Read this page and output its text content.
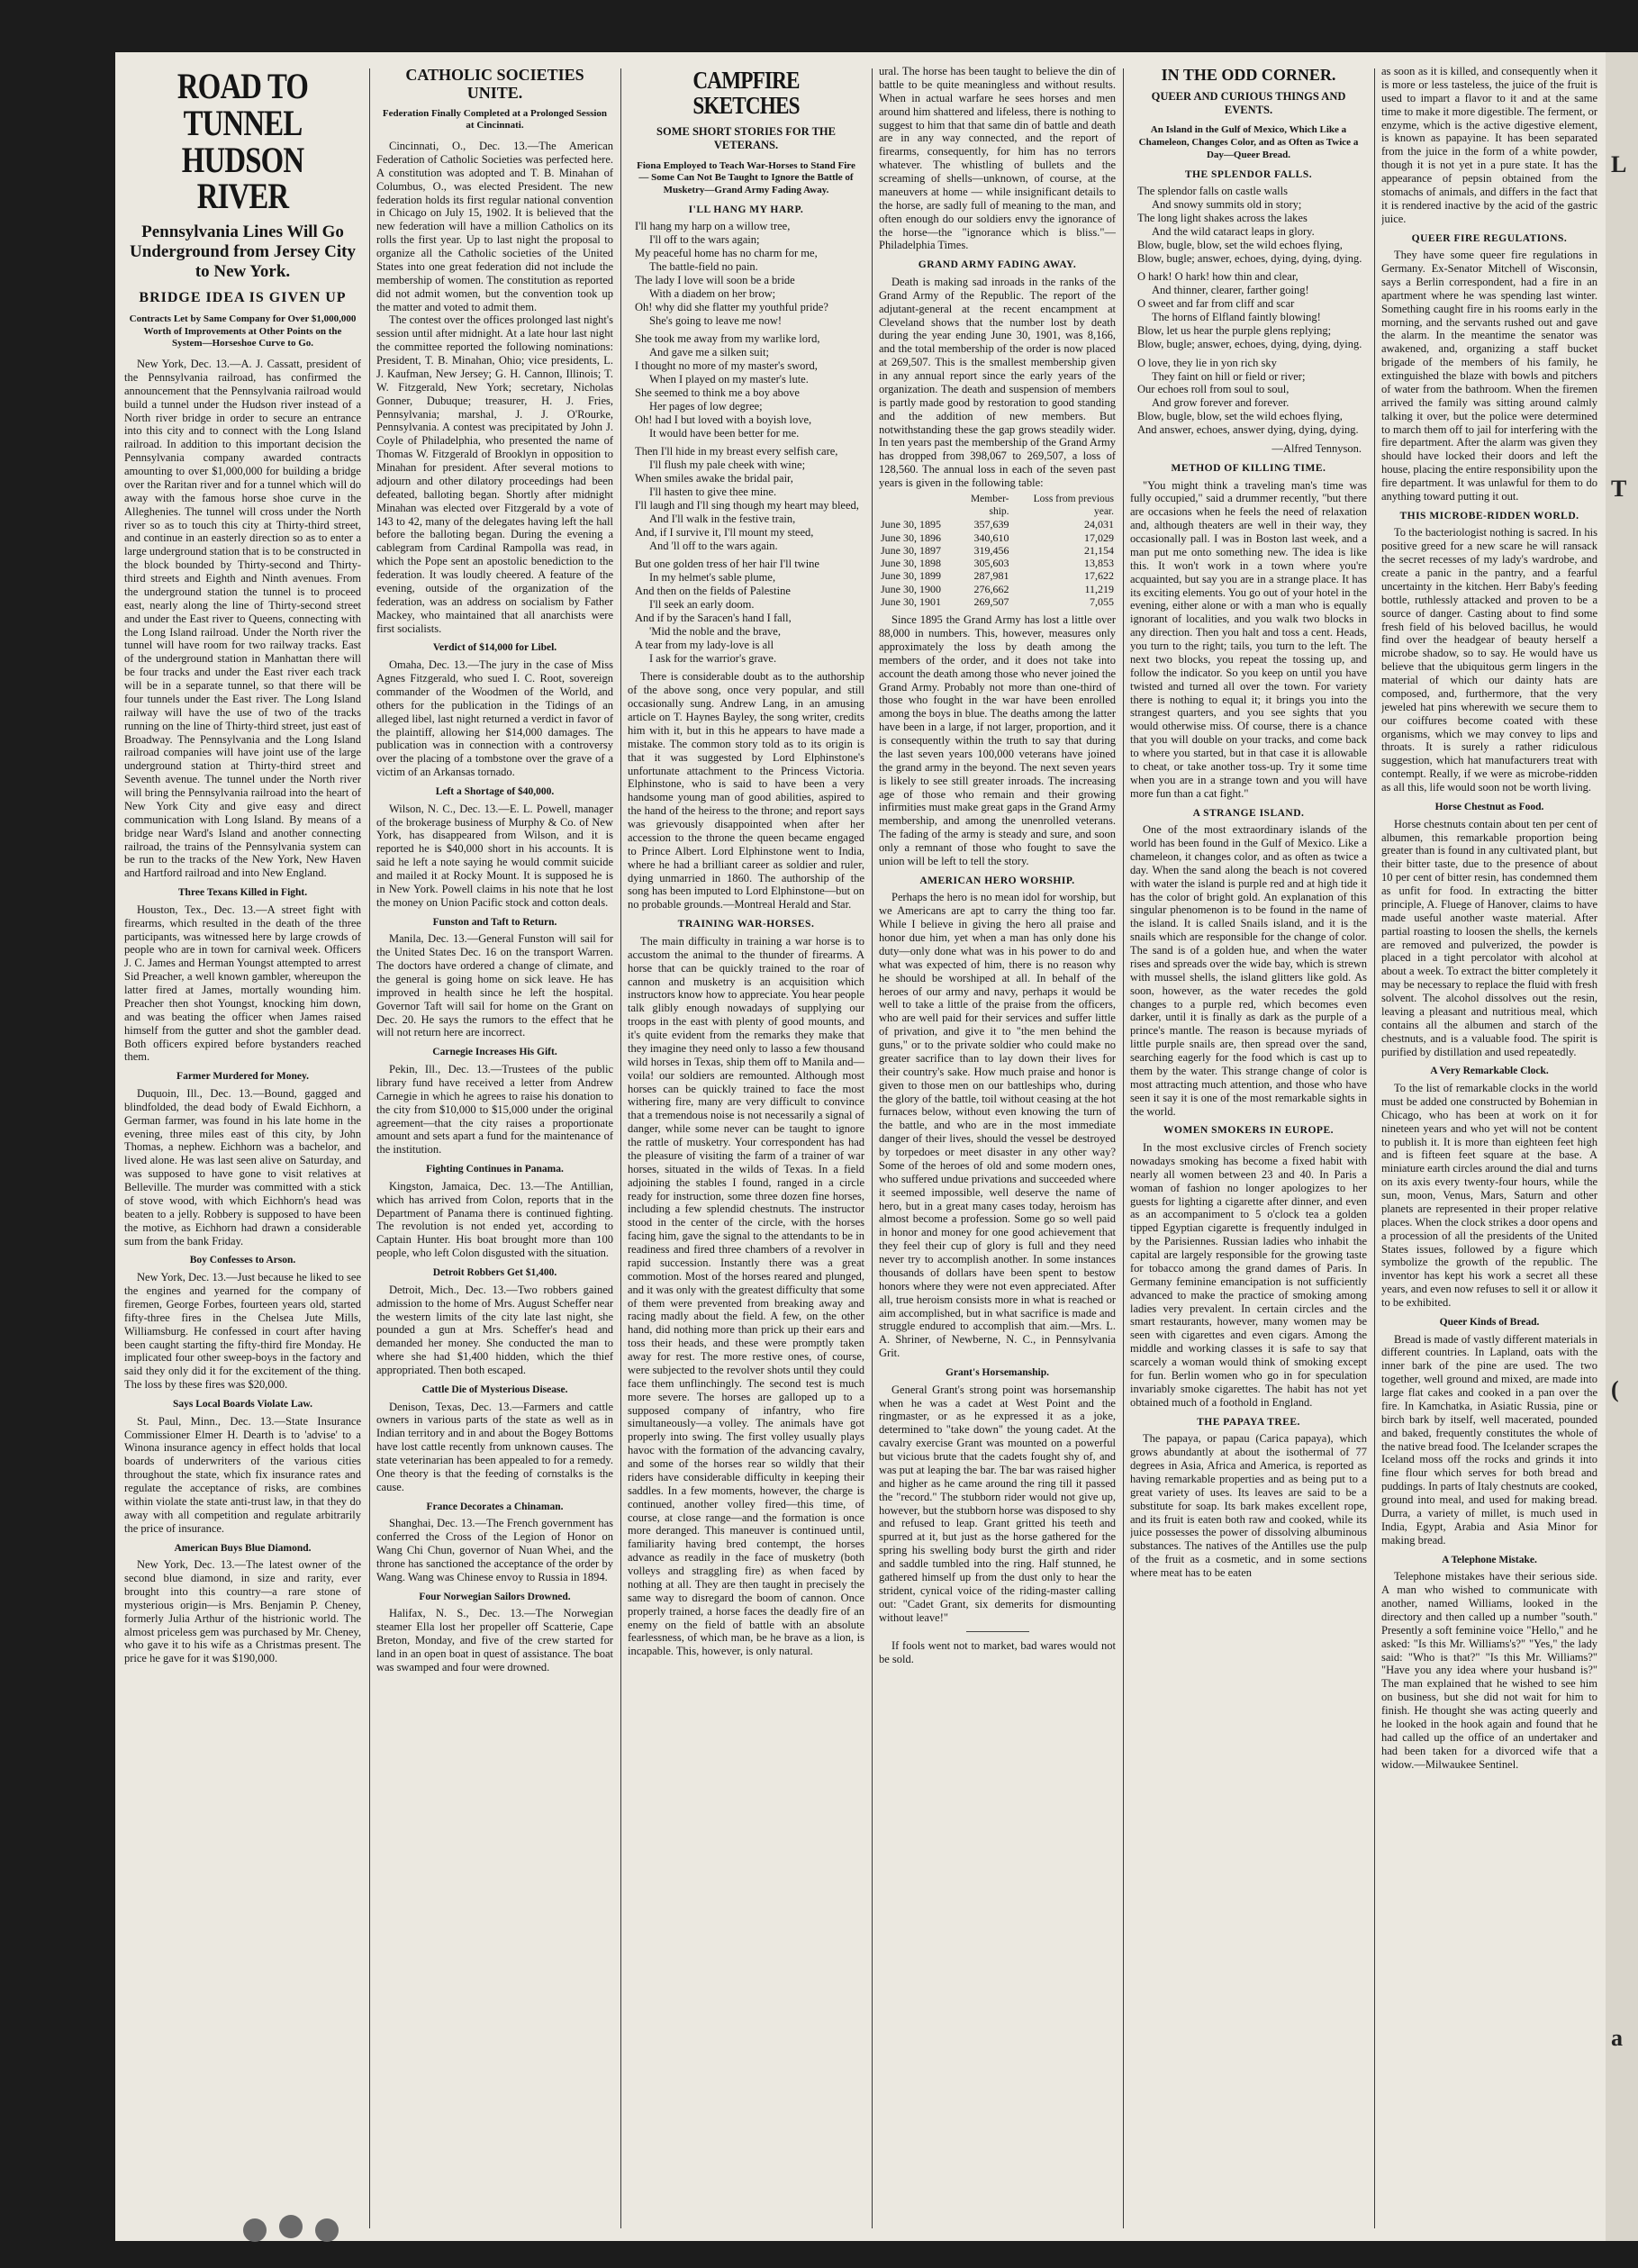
ROAD TO TUNNEL HUDSON RIVER
Pennsylvania Lines Will Go Underground from Jersey City to New York.
BRIDGE IDEA IS GIVEN UP
Contracts Let by Same Company for Over $1,000,000 Worth of Improvements at Other Points on the System—Horseshoe Curve to Go.

New York, Dec. 13.—A. J. Cassatt, president of the Pennsylvania railroad, has confirmed the announcement that the Pennsylvania railroad would build a tunnel under the Hudson river instead of a North river bridge in order to secure an entrance into this city and to connect with the Long Island railroad. In addition to this important decision the Pennsylvania company awarded contracts amounting to over $1,000,000 for building a bridge over the Raritan river and for a tunnel which will do away with the famous horse shoe curve in the Alleghenies. The tunnel will cross under the North river so as to touch this city at Thirty-third street, and continue in an easterly direction so as to enter a large underground station that is to be constructed in the block bounded by Thirty-second and Thirty-third streets and Eighth and Ninth avenues. From the underground station the tunnel is to proceed east, nearly along the line of Thirty-second street and under the East river to Queens, connecting with the Long Island railroad. Under the North river the tunnel will have room for two railway tracks. East of the underground station in Manhattan there will be four tracks and under the East river each track will be in a separate tunnel, so that there will be four tunnels under the East river. The Long Island railway will have the use of two of the tracks running on the line of Thirty-third street, just east of Broadway. The Pennsylvania and the Long Island railroad companies will have joint use of the large underground station at Thirty-third street and Seventh avenue. The tunnel under the North river will bring the Pennsylvania railroad into the heart of New York City and give easy and direct communication with Long Island. By means of a bridge near Ward's Island and another connecting railroad, the trains of the Pennsylvania system can be run to the tracks of the New York, New Haven and Hartford railroad and into New England.

Three Texans Killed in Fight.

Houston, Tex., Dec. 13.—A street fight with firearms, which resulted in the death of the three participants, was witnessed here by large crowds of people who are in town for carnival week. Officers J. C. James and Herman Youngst attempted to arrest Sid Preacher, a well known gambler, whereupon the latter fired at James, mortally wounding him. Preacher then shot Youngst, knocking him down, and was beating the officer when James raised himself from the gutter and shot the gambler dead. Both officers expired before bystanders reached them.

Farmer Murdered for Money.

Duquoin, Ill., Dec. 13.—Bound, gagged and blindfolded, the dead body of Ewald Eichhorn, a German farmer, was found in his late home in the evening, three miles east of this city, by John Thomas, a nephew. Eichhorn was a bachelor, and lived alone. He was last seen alive on Saturday, and was supposed to have gone to visit relatives at Belleville. The murder was committed with a stick of stove wood, with which Eichhorn's head was beaten to a jelly. Robbery is supposed to have been the motive, as Eichhorn had drawn a considerable sum from the bank Friday.

Boy Confesses to Arson.

New York, Dec. 13.—Just because he liked to see the engines and yearned for the company of firemen, George Forbes, fourteen years old, started fifty-three fires in the Chelsea Jute Mills, Williamsburg. He confessed in court after having been caught starting the fifty-third fire Monday. He implicated four other sweep-boys in the factory and said they only did it for the excitement of the thing. The loss by these fires was $20,000.

Says Local Boards Violate Law.

St. Paul, Minn., Dec. 13.—State Insurance Commissioner Elmer H. Dearth is to 'advise' to a Winona insurance agency in effect holds that local boards of underwriters of the various cities throughout the state, which fix insurance rates and regulate the acceptance of risks, are combines within violate the state anti-trust law, in that they do away with all competition and regulate arbitrarily the price of insurance.

American Buys Blue Diamond.

New York, Dec. 13.—The latest owner of the second blue diamond, in size and rarity, ever brought into this country—a rare stone of mysterious origin—is Mrs. Benjamin P. Cheney, formerly Julia Arthur of the histrionic world. The almost priceless gem was purchased by Mr. Cheney, who gave it to his wife as a Christmas present. The price he gave for it was $190,000.

CATHOLIC SOCIETIES UNITE.
Federation Finally Completed at a Prolonged Session at Cincinnati.

Cincinnati, O., Dec. 13.—The American Federation of Catholic Societies was perfected here. A constitution was adopted and T. B. Minahan of Columbus, O., was elected President. The new federation holds its first regular national convention in Chicago on July 15, 1902. It is believed that the new federation will have a million Catholics on its rolls the first year. Up to last night the proposal to organize all the Catholic societies of the United States into one great federation did not include the membership of women. The constitution as reported did not admit women, but the convention took up the matter and voted to admit them.

The contest over the offices prolonged last night's session until after midnight. At a late hour last night the committee reported the following nominations: President, T. B. Minahan, Ohio; vice presidents, L. J. Kaufman, New Jersey; G. H. Cannon, Illinois; T. W. Fitzgerald, New York; secretary, Nicholas Gonner, Dubuque; treasurer, H. J. Fries, Pennsylvania; marshal, J. J. O'Rourke, Pennsylvania. A contest was precipitated by John J. Coyle of Philadelphia, who presented the name of Thomas W. Fitzgerald of Brooklyn in opposition to Minahan for president. After several motions to adjourn and other dilatory proceedings had been defeated, balloting began. Shortly after midnight Minahan was elected over Fitzgerald by a vote of 143 to 42, many of the delegates having left the hall before the balloting began. During the evening a cablegram from Cardinal Rampolla was read, in which the Pope sent an apostolic benediction to the federation. It was loudly cheered. A feature of the evening, outside of the organization of the federation, was an address on socialism by Father Mackey, who maintained that all anarchists were first socialists.

Verdict of $14,000 for Libel.

Omaha, Dec. 13.—The jury in the case of Miss Agnes Fitzgerald, who sued I. C. Root, sovereign commander of the Woodmen of the World, and others for the publication in the Tidings of an alleged libel, last night returned a verdict in favor of the plaintiff, allowing her $14,000 damages. The publication was in connection with a controversy over the placing of a tombstone over the grave of a victim of an Arkansas tornado.

Left a Shortage of $40,000.

Wilson, N. C., Dec. 13.—E. L. Powell, manager of the brokerage business of Murphy & Co. of New York, has disappeared from Wilson, and it is reported he is $40,000 short in his accounts. It is said he left a note saying he would commit suicide and mailed it at Rocky Mount. It is supposed he is in New York. Powell claims in his note that he lost the money on Union Pacific stock and cotton deals.

Funston and Taft to Return.

Manila, Dec. 13.—General Funston will sail for the United States Dec. 16 on the transport Warren. The doctors have ordered a change of climate, and the general is going home on sick leave. He has improved in health since he left the hospital. Governor Taft will sail for home on the Grant on Dec. 20. He says the rumors to the effect that he will not return here are incorrect.

Carnegie Increases His Gift.

Pekin, Ill., Dec. 13.—Trustees of the public library fund have received a letter from Andrew Carnegie in which he agrees to raise his donation to the city from $10,000 to $15,000 under the original agreement—that the city raises a proportionate amount and sets apart a fund for the maintenance of the institution.

Fighting Continues in Panama.

Kingston, Jamaica, Dec. 13.—The Antillian, which has arrived from Colon, reports that in the Department of Panama there is continued fighting. The revolution is not ended yet, according to Captain Hunter. His boat brought more than 100 people, who left Colon disgusted with the situation.

Detroit Robbers Get $1,400.

Detroit, Mich., Dec. 13.—Two robbers gained admission to the home of Mrs. August Scheffer near the western limits of the city late last night, she pounded a gun at Mrs. Scheffer's head and demanded her money. She conducted the man to where she had $1,400 hidden, which the thief appropriated. Then both escaped.

Cattle Die of Mysterious Disease.

Denison, Texas, Dec. 13.—Farmers and cattle owners in various parts of the state as well as in Indian territory and in and about the Bogey Bottoms have lost cattle recently from unknown causes. The state veterinarian has been appealed to for a remedy. One theory is that the feeding of cornstalks is the cause.

France Decorates a Chinaman.

Shanghai, Dec. 13.—The French government has conferred the Cross of the Legion of Honor on Wang Chi Chun, governor of Nuan Whei, and the throne has sanctioned the acceptance of the order by Wang. Wang was Chinese envoy to Russia in 1894.

Four Norwegian Sailors Drowned.

Halifax, N. S., Dec. 13.—The Norwegian steamer Ella lost her propeller off Scatterie, Cape Breton, Monday, and five of the crew started for land in an open boat in quest of assistance. The boat was swamped and four were drowned.

CAMPFIRE SKETCHES
SOME SHORT STORIES FOR THE VETERANS.
Fiona Employed to Teach War-Horses to Stand Fire — Some Can Not Be Taught to Ignore the Battle of Musketry—Grand Army Fading Away.
I'LL HANG MY HARP.

I'll hang my harp on a willow tree,

I'll off to the wars again;

My peaceful home has no charm for me,

The battle-field no pain.

The lady I love will soon be a bride

With a diadem on her brow;

Oh! why did she flatter my youthful pride?

She's going to leave me now!

She took me away from my warlike lord,

And gave me a silken suit;

I thought no more of my master's sword,

When I played on my master's lute.

She seemed to think me a boy above

Her pages of low degree;

Oh! had I but loved with a boyish love,

It would have been better for me.

Then I'll hide in my breast every selfish care,

I'll flush my pale cheek with wine;

When smiles awake the bridal pair,

I'll hasten to give thee mine.

I'll laugh and I'll sing though my heart may bleed,

And I'll walk in the festive train,

And, if I survive it, I'll mount my steed,

And 'll off to the wars again.

But one golden tress of her hair I'll twine

In my helmet's sable plume,

And then on the fields of Palestine

I'll seek an early doom.

And if by the Saracen's hand I fall,

'Mid the noble and the brave,

A tear from my lady-love is all

I ask for the warrior's grave.

There is considerable doubt as to the authorship of the above song, once very popular, and still occasionally sung. Andrew Lang, in an amusing article on T. Haynes Bayley, the song writer, credits him with it, but in this he appears to have made a mistake. The common story told as to its origin is that it was suggested by Lord Elphinstone's unfortunate attachment to the Princess Victoria. Elphinstone, who is said to have been a very handsome young man of good abilities, aspired to the hand of the heiress to the throne; and report says was grievously disappointed when after her accession to the throne the queen became engaged to Prince Albert. Lord Elphinstone went to India, where he had a brilliant career as soldier and ruler, dying unmarried in 1860. The authorship of the song has been imputed to Lord Elphinstone—but on no probable grounds.—Montreal Herald and Star.

TRAINING WAR-HORSES.

The main difficulty in training a war horse is to accustom the animal to the thunder of firearms. A horse that can be quickly trained to the roar of cannon and musketry is an acquisition which instructors know how to appreciate. You hear people talk glibly enough nowadays of supplying our troops in the east with plenty of good mounts, and it's quite evident from the remarks they make that they imagine they need only to lasso a few thousand wild horses in Texas, ship them off to Manila and—voila! our soldiers are remounted. Although most horses can be quickly trained to face the most withering fire, many are very difficult to convince that a tremendous noise is not necessarily a signal of danger, while some never can be taught to ignore the rattle of musketry. Your correspondent has had the pleasure of visiting the farm of a trainer of war horses, situated in the wilds of Texas. In a field adjoining the stables I found, ranged in a circle ready for instruction, some three dozen fine horses, including a few splendid chestnuts. The instructor stood in the center of the circle, with the horses facing him, gave the signal to the attendants to be in readiness and fired three chambers of a revolver in rapid succession. Instantly there was a great commotion. Most of the horses reared and plunged, and it was only with the greatest difficulty that some of them were prevented from breaking away and racing madly about the field. A few, on the other hand, did nothing more than prick up their ears and toss their heads, and these were promptly taken away for rest. The more restive ones, of course, were subjected to the revolver shots until they could face them unflinchingly. The second test is much more severe. The horses are galloped up to a supposed company of infantry, who fire simultaneously—a volley. The animals have got properly into swing. The first volley usually plays havoc with the formation of the advancing cavalry, and some of the horses rear so wildly that their riders have considerable difficulty in keeping their saddles. In a few moments, however, the charge is continued, another volley fired—this time, of course, at close range—and the formation is once more deranged. This maneuver is continued until, familiarity having bred contempt, the horses advance as readily in the face of musketry (both volleys and straggling fire) as when faced by nothing at all. They are then taught in precisely the same way to disregard the boom of cannon. Once properly trained, a horse faces the deadly fire of an enemy on the field of battle with an absolute fearlessness, of which man, be he brave as a lion, is incapable. This, however, is only natural.

ural. The horse has been taught to believe the din of battle to be quite meaningless and without results. When in actual warfare he sees horses and men around him shattered and lifeless, there is nothing to suggest to him that that same din of battle and death are in any way connected, and the report of firearms, consequently, for him has no terrors whatever. The whistling of bullets and the screaming of shells—unknown, of course, at the maneuvers at home — while insignificant details to the horse, are sadly full of meaning to the man, and often enough do our soldiers envy the ignorance of the horse—the "ignorance which is bliss."—Philadelphia Times.

GRAND ARMY FADING AWAY.

Death is making sad inroads in the ranks of the Grand Army of the Republic. The report of the adjutant-general at the recent encampment at Cleveland shows that the number lost by death during the year ending June 30, 1901, was 8,166, and the total membership of the order is now placed at 269,507. This is the smallest membership given in any annual report since the early years of the organization. The death and suspension of members is partly made good by restoration to good standing and the addition of new members. But notwithstanding these the gap grows steadily wider. In ten years past the membership of the Grand Army has dropped from 398,067 to 269,507, a loss of 128,560. The annual loss in each of the seven past years is given in the following table:

	Member-	Loss from previous
	ship.	year.
June 30, 1895	357,639	24,031
June 30, 1896	340,610	17,029
June 30, 1897	319,456	21,154
June 30, 1898	305,603	13,853
June 30, 1899	287,981	17,622
June 30, 1900	276,662	11,219
June 30, 1901	269,507	7,055

Since 1895 the Grand Army has lost a little over 88,000 in numbers. This, however, measures only approximately the loss by death among the members of the order, and it does not take into account the death among those who never joined the Grand Army. Probably not more than one-third of those who fought in the war have been enrolled among the boys in blue. The deaths among the latter have been in a large, if not larger, proportion, and it is consequently within the truth to say that during the last seven years 100,000 veterans have joined the grand army in the beyond. The next seven years is likely to see still greater inroads. The increasing age of those who remain and their growing infirmities must make great gaps in the Grand Army membership, and among the unenrolled veterans. The fading of the army is steady and sure, and soon only a remnant of those who fought to save the union will be left to tell the story.

AMERICAN HERO WORSHIP.

Perhaps the hero is no mean idol for worship, but we Americans are apt to carry the thing too far. While I believe in giving the hero all praise and honor due him, yet when a man has only done his duty—only done what was in his power to do and what was expected of him, there is no reason why he should be worshiped at all. In behalf of the heroes of our army and navy, perhaps it would be well to take a little of the praise from the officers, who are well paid for their services and suffer little of privation, and give it to "the men behind the guns," or to the private soldier who could make no greater sacrifice than to lay down their lives for their country's sake. How much praise and honor is given to those men on our battleships who, during the glory of the battle, toil without ceasing at the hot furnaces below, without even knowing the turn of the battle, and who are in the most immediate danger of their lives, should the vessel be destroyed by torpedoes or meet disaster in any other way? Some of the heroes of old and some modern ones, who suffered undue privations and succeeded where it seemed impossible, well deserve the name of hero, but in a great many cases today, heroism has almost become a profession. Some go so well paid in honor and money for one good achievement that they feel their cup of glory is full and they need never try to accomplish another. In some instances thousands of dollars have been spent to bestow honors where they were not even appreciated. After all, true heroism consists more in what is reached or aim accomplished, but in what sacrifice is made and struggle endured to accomplish that aim.—Mrs. L. A. Shriner, of Newberne, N. C., in Pennsylvania Grit.

Grant's Horsemanship.

General Grant's strong point was horsemanship when he was a cadet at West Point and the ringmaster, or as he expressed it as a joke, determined to "take down" the young cadet. At the cavalry exercise Grant was mounted on a powerful but vicious brute that the cadets fought shy of, and was put at leaping the bar. The bar was raised higher and higher as he came around the ring till it passed the "record." The stubborn rider would not give up, however, but the stubborn horse was disposed to shy and refused to leap. Grant gritted his teeth and spurred at it, but just as the horse gathered for the spring his swelling body burst the girth and rider and saddle tumbled into the ring. Half stunned, he gathered himself up from the dust only to hear the strident, cynical voice of the riding-master calling out: "Cadet Grant, six demerits for dismounting without leave!"

If fools went not to market, bad wares would not be sold.

IN THE ODD CORNER.
QUEER AND CURIOUS THINGS AND EVENTS.
An Island in the Gulf of Mexico, Which Like a Chameleon, Changes Color, and as Often as Twice a Day—Queer Bread.
THE SPLENDOR FALLS.

The splendor falls on castle walls

And snowy summits old in story;

The long light shakes across the lakes

And the wild cataract leaps in glory.

Blow, bugle, blow, set the wild echoes flying,

Blow, bugle; answer, echoes, dying, dying, dying.

O hark! O hark! how thin and clear,

And thinner, clearer, farther going!

O sweet and far from cliff and scar

The horns of Elfland faintly blowing!

Blow, let us hear the purple glens replying;

Blow, bugle; answer, echoes, dying, dying, dying.

O love, they lie in yon rich sky

They faint on hill or field or river;

Our echoes roll from soul to soul,

And grow forever and forever.

Blow, bugle, blow, set the wild echoes flying,

And answer, echoes, answer dying, dying, dying.

—Alfred Tennyson.

METHOD OF KILLING TIME.

"You might think a traveling man's time was fully occupied," said a drummer recently, "but there are occasions when he feels the need of relaxation and, although theaters are well in their way, they occasionally pall. I was in Boston last week, and a man put me onto something new. The idea is like this. It won't work in a town where you're acquainted, but say you are in a strange place. It has its exciting elements. You go out of your hotel in the evening, either alone or with a man who is equally ignorant of localities, and you walk two blocks in any direction. Then you halt and toss a cent. Heads, you turn to the right; tails, you turn to the left. The next two blocks, you repeat the tossing up, and follow the indicator. So you keep on until you have twisted and turned all over the town. For variety there is nothing to equal it; it brings you into the strangest quarters, and you see sights that you would otherwise miss. Of course, there is a chance that you will double on your tracks, and come back to where you started, but in that case it is allowable to cheat, or take another toss-up. Try it some time when you are in a strange town and you will have more fun than a cat fight."

A STRANGE ISLAND.

One of the most extraordinary islands of the world has been found in the Gulf of Mexico. Like a chameleon, it changes color, and as often as twice a day. When the sand along the beach is not covered with water the island is purple red and at high tide it has the color of bright gold. An explanation of this singular phenomenon is to be found in the name of the island. It is called Snails island, and it is the snails which are responsible for the change of color. The sand is of a golden hue, and when the water rises and spreads over the wide bay, which is strewn with mussel shells, the island glitters like gold. As soon, however, as the water recedes the gold changes to a purple red, which becomes even darker, until it is finally as dark as the purple of a prince's mantle. The reason is because myriads of little purple snails are, then spread over the sand, searching eagerly for the food which is cast up to them by the water. This strange change of color is most attracting much attention, and those who have seen it say it is one of the most remarkable sights in the world.

WOMEN SMOKERS IN EUROPE.

In the most exclusive circles of French society nowadays smoking has become a fixed habit with nearly all women between 23 and 40. In Paris a woman of fashion no longer apologizes to her guests for lighting a cigarette after dinner, and even as an accompaniment to 5 o'clock tea a golden tipped Egyptian cigarette is frequently indulged in by the Parisiennes. Russian ladies who inhabit the capital are largely responsible for the growing taste for tobacco among the grand dames of Paris. In Germany feminine emancipation is not sufficiently advanced to make the practice of smoking among ladies very prevalent. In certain circles and the smart restaurants, however, many women may be seen with cigarettes and even cigars. Among the middle and working classes it is safe to say that scarcely a woman would think of smoking except for fun. Berlin women who go in for speculation invariably smoke cigarettes. The habit has not yet obtained much of a foothold in England.

THE PAPAYA TREE.

The papaya, or papau (Carica papaya), which grows abundantly at about the isothermal of 77 degrees in Asia, Africa and America, is reported as having remarkable properties and as being put to a great variety of uses. Its leaves are said to be a substitute for soap. Its bark makes excellent rope, and its fruit is eaten both raw and cooked, while its juice possesses the power of dissolving albuminous substances. The natives of the Antilles use the pulp of the fruit as a cosmetic, and in some sections where meat has to be eaten

as soon as it is killed, and consequently when it is more or less tasteless, the juice of the fruit is used to impart a flavor to it and at the same time to make it more digestible. The ferment, or enzyme, which is the active digestive element, is known as papayine. It has been separated from the juice in the form of a white powder, though it is not yet in a pure state. It has the appearance of pepsin obtained from the stomachs of animals, and differs in the fact that it is rendered inactive by the acid of the gastric juice.

QUEER FIRE REGULATIONS.

They have some queer fire regulations in Germany. Ex-Senator Mitchell of Wisconsin, says a Berlin correspondent, had a fire in an apartment where he was spending last winter. Something caught fire in his rooms early in the morning, and the servants rushed out and gave the alarm. In the meantime the senator was awakened, and, organizing a staff bucket brigade of the members of his family, he extinguished the blaze with bowls and pitchers of water from the bathroom. When the firemen arrived the family was sitting around calmly talking it over, but the police were determined to march them off to jail for interfering with the fire department. After the alarm was given they should have locked their doors and left the house, placing the entire responsibility upon the fire department. It was unlawful for them to do anything toward putting it out.

THIS MICROBE-RIDDEN WORLD.

To the bacteriologist nothing is sacred. In his positive greed for a new scare he will ransack the secret recesses of my lady's wardrobe, and create a panic in the pantry, and a fearful uncertainty in the kitchen. Herr Baby's feeding bottle, ruthlessly attacked and proven to be a source of danger. Casting about to find some fresh field of his beloved bacillus, he would find over the headgear of beauty herself a microbe shadow, so to say. He would have us believe that the ubiquitous germ lingers in the material of which our dainty hats are composed, and, furthermore, that the very jeweled hat pins wherewith we secure them to our coiffures become coated with these organisms, which we may convey to lips and throats. It is surely a rather ridiculous suggestion, which hat manufacturers treat with contempt. Really, if we were as microbe-ridden as all this, life would soon not be worth living.

Horse Chestnut as Food.

Horse chestnuts contain about ten per cent of albumen, this remarkable proportion being greater than is found in any cultivated plant, but their bitter taste, due to the presence of about 10 per cent of bitter resin, has condemned them as unfit for food. In extracting the bitter principle, A. Fluege of Hanover, claims to have made useful another waste material. After partial roasting to loosen the shells, the kernels are removed and pulverized, the powder is placed in a tight percolator with alcohol at about a week. To extract the bitter completely it may be necessary to replace the fluid with fresh solvent. The alcohol dissolves out the resin, leaving a pleasant and nutritious meal, which contains all the albumen and starch of the chestnuts, and is a valuable food. The spirit is purified by distillation and used repeatedly.

A Very Remarkable Clock.

To the list of remarkable clocks in the world must be added one constructed by Bohemian in Chicago, who has been at work on it for nineteen years and who yet will not be content to publish it. It is more than eighteen feet high and is fifteen feet square at the base. A miniature earth circles around the dial and turns on its axis every twenty-four hours, while the sun, moon, Venus, Mars, Saturn and other planets are represented in their proper relative places. When the clock strikes a door opens and a procession of all the presidents of the United States issues, followed by a figure which symbolize the growth of the republic. The inventor has kept his work a secret all these years, and even now refuses to sell it or allow it to be exhibited.

Queer Kinds of Bread.

Bread is made of vastly different materials in different countries. In Lapland, oats with the inner bark of the pine are used. The two together, well ground and mixed, are made into large flat cakes and cooked in a pan over the fire. In Kamchatka, in Asiatic Russia, pine or birch bark by itself, well macerated, pounded and baked, frequently constitutes the whole of the native bread food. The Icelander scrapes the Iceland moss off the rocks and grinds it into fine flour which serves for both bread and puddings. In parts of Italy chestnuts are cooked, ground into meal, and used for making bread. Durra, a variety of millet, is much used in India, Egypt, Arabia and Asia Minor for making bread.

A Telephone Mistake.

Telephone mistakes have their serious side. A man who wished to communicate with another, named Williams, looked in the directory and then called up a number "south." Presently a soft feminine voice "Hello," and he asked: "Is this Mr. Williams's?" "Yes," the lady said: "Who is that?" "Is this Mr. Williams?" "Have you any idea where your husband is?" The man explained that he wished to see him on business, but she did not wait for him to finish. He thought she was acting queerly and he looked in the hook again and found that he had called up the office of an undertaker and had been taken for a divorced wife that a widow.—Milwaukee Sentinel.

L
T
(
a
